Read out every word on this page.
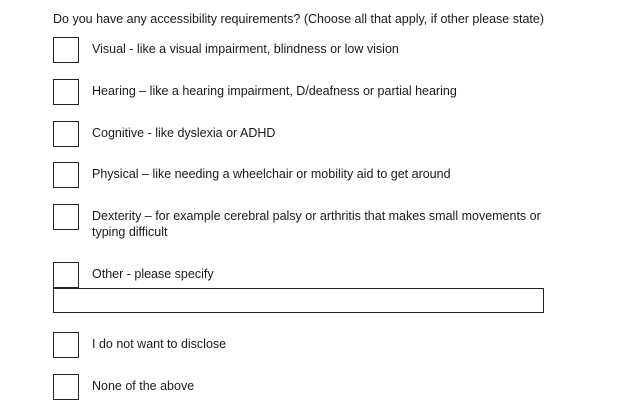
Do you have any accessibility requirements? (Choose all that apply, if other please state)
Visual - like a visual impairment, blindness or low vision
Hearing – like a hearing impairment, D/deafness or partial hearing
Cognitive - like dyslexia or ADHD
Physical – like needing a wheelchair or mobility aid to get around
Dexterity – for example cerebral palsy or arthritis that makes small movements or typing difficult
Other - please specify
I do not want to disclose
None of the above
